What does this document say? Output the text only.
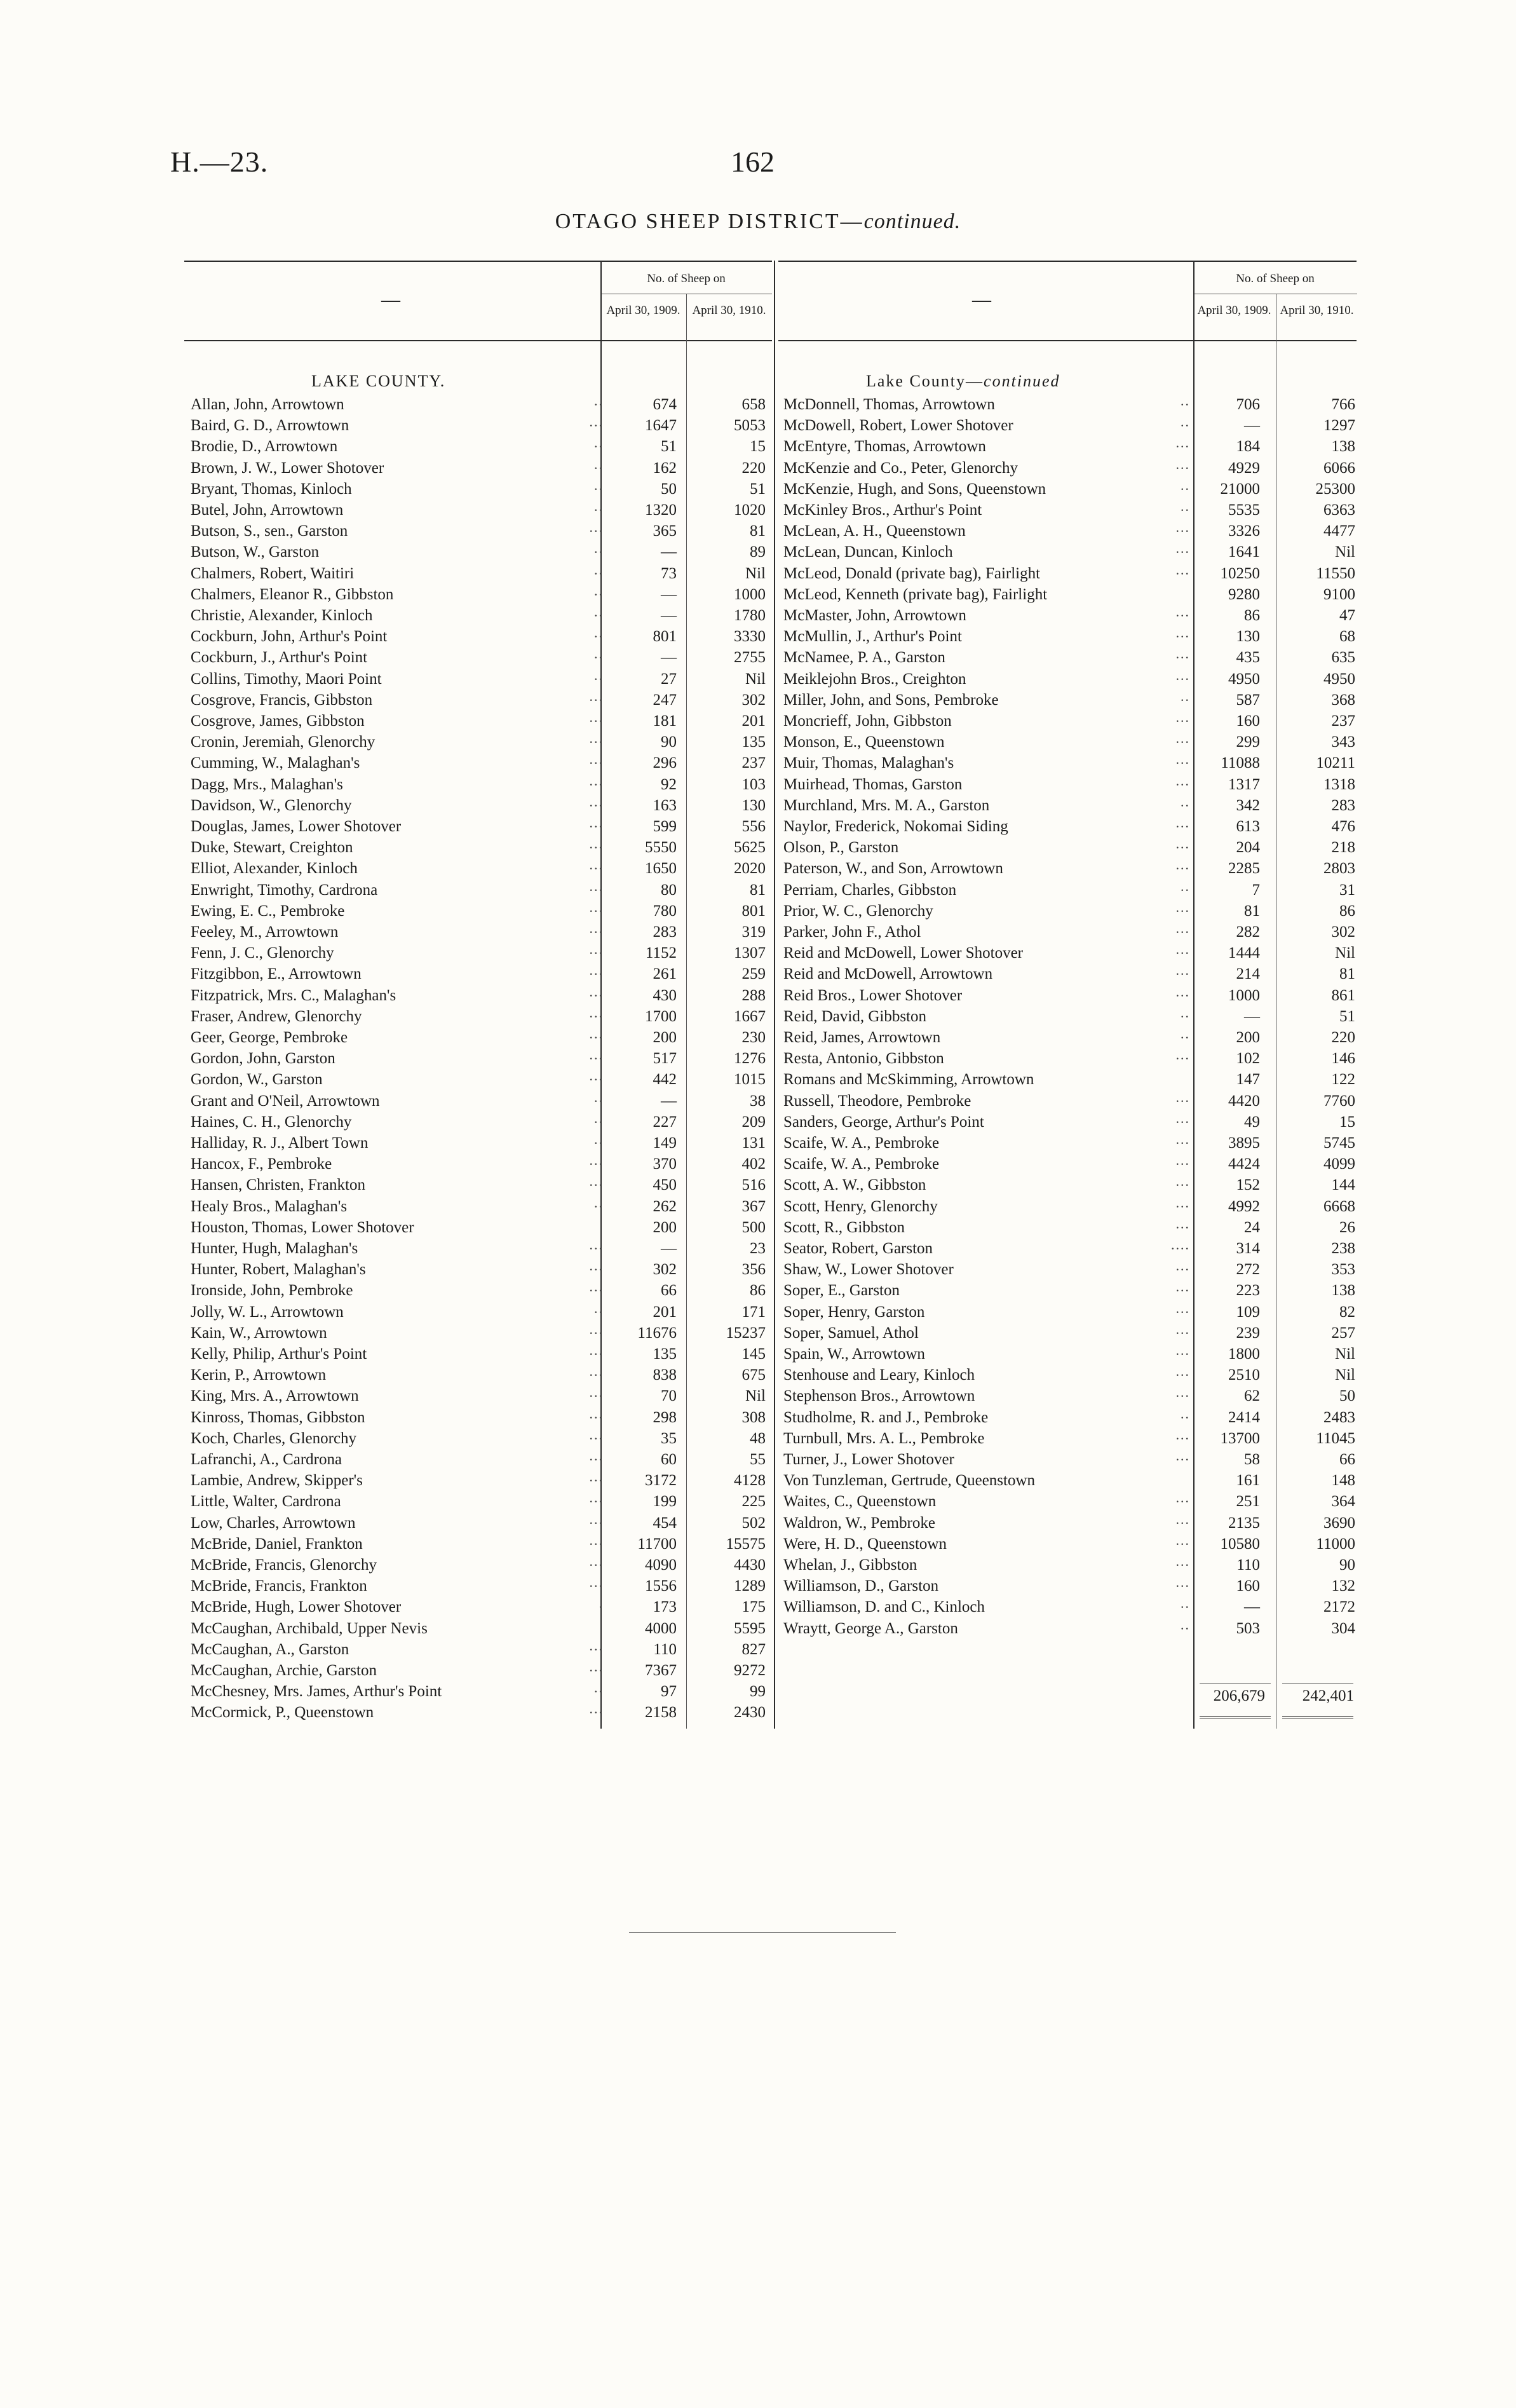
H.—23.	162
OTAGO SHEEP DISTRICT—continued.
—
No. of Sheep on
April 30, 1909. April 30, 1910.
—
No. of Sheep on
April 30, 1909. April 30, 1910.
LAKE COUNTY.
Allan, John, Arrowtown	..	674	658
Baird, G. D., Arrowtown	...	1647	5053
Brodie, D., Arrowtown	..	51	15
Brown, J. W., Lower Shotover	..	162	220
Bryant, Thomas, Kinloch	..	50	51
Butel, John, Arrowtown	..	1320	1020
Butson, S., sen., Garston	...	365	81
Butson, W., Garston	..	—	89
Chalmers, Robert, Waitiri	..	73	Nil
Chalmers, Eleanor R., Gibbston	..	—	1000
Christie, Alexander, Kinloch	..	—	1780
Cockburn, John, Arthur's Point	..	801	3330
Cockburn, J., Arthur's Point	..	—	2755
Collins, Timothy, Maori Point	..	27	Nil
Cosgrove, Francis, Gibbston	...	247	302
Cosgrove, James, Gibbston	...	181	201
Cronin, Jeremiah, Glenorchy	...	90	135
Cumming, W., Malaghan's	...	296	237
Dagg, Mrs., Malaghan's	...	92	103
Davidson, W., Glenorchy	...	163	130
Douglas, James, Lower Shotover	...	599	556
Duke, Stewart, Creighton	...	5550	5625
Elliot, Alexander, Kinloch	...	1650	2020
Enwright, Timothy, Cardrona	...	80	81
Ewing, E. C., Pembroke	...	780	801
Feeley, M., Arrowtown	...	283	319
Fenn, J. C., Glenorchy	...	1152	1307
Fitzgibbon, E., Arrowtown	...	261	259
Fitzpatrick, Mrs. C., Malaghan's	...	430	288
Fraser, Andrew, Glenorchy	...	1700	1667
Geer, George, Pembroke	...	200	230
Gordon, John, Garston	...	517	1276
Gordon, W., Garston	...	442	1015
Grant and O'Neil, Arrowtown	..	—	38
Haines, C. H., Glenorchy	..	227	209
Halliday, R. J., Albert Town	..	149	131
Hancox, F., Pembroke	...	370	402
Hansen, Christen, Frankton	...	450	516
Healy Bros., Malaghan's	..	262	367
Houston, Thomas, Lower Shotover	200	500
Hunter, Hugh, Malaghan's	...	—	23
Hunter, Robert, Malaghan's	...	302	356
Ironside, John, Pembroke	...	66	86
Jolly, W. L., Arrowtown	..	201	171
Kain, W., Arrowtown	...	11676	15237
Kelly, Philip, Arthur's Point	...	135	145
Kerin, P., Arrowtown	...	838	675
King, Mrs. A., Arrowtown	...	70	Nil
Kinross, Thomas, Gibbston	...	298	308
Koch, Charles, Glenorchy	...	35	48
Lafranchi, A., Cardrona	...	60	55
Lambie, Andrew, Skipper's	...	3172	4128
Little, Walter, Cardrona	...	199	225
Low, Charles, Arrowtown	...	454	502
McBride, Daniel, Frankton	...	11700	15575
McBride, Francis, Glenorchy	...	4090	4430
McBride, Francis, Frankton	...	1556	1289
McBride, Hugh, Lower Shotover	.	173	175
McCaughan, Archibald, Upper Nevis	4000	5595
McCaughan, A., Garston	...	110	827
McCaughan, Archie, Garston	...	7367	9272
McChesney, Mrs. James, Arthur's Point	..	97	99
McCormick, P., Queenstown	...	2158	2430
Lake County—continued
McDonnell, Thomas, Arrowtown	..	706	766
McDowell, Robert, Lower Shotover	..	—	1297
McEntyre, Thomas, Arrowtown	...	184	138
McKenzie and Co., Peter, Glenorchy	...	4929	6066
McKenzie, Hugh, and Sons, Queenstown	..	21000	25300
McKinley Bros., Arthur's Point	..	5535	6363
McLean, A. H., Queenstown	...	3326	4477
McLean, Duncan, Kinloch	...	1641	Nil
McLeod, Donald (private bag), Fairlight	...	10250	11550
McLeod, Kenneth (private bag), Fairlight	9280	9100
McMaster, John, Arrowtown	...	86	47
McMullin, J., Arthur's Point	...	130	68
McNamee, P. A., Garston	...	435	635
Meiklejohn Bros., Creighton	...	4950	4950
Miller, John, and Sons, Pembroke	..	587	368
Moncrieff, John, Gibbston	...	160	237
Monson, E., Queenstown	...	299	343
Muir, Thomas, Malaghan's	...	11088	10211
Muirhead, Thomas, Garston	...	1317	1318
Murchland, Mrs. M. A., Garston	..	342	283
Naylor, Frederick, Nokomai Siding	...	613	476
Olson, P., Garston	...	204	218
Paterson, W., and Son, Arrowtown	...	2285	2803
Perriam, Charles, Gibbston	..	7	31
Prior, W. C., Glenorchy	...	81	86
Parker, John F., Athol	...	282	302
Reid and McDowell, Lower Shotover	...	1444	Nil
Reid and McDowell, Arrowtown	...	214	81
Reid Bros., Lower Shotover	...	1000	861
Reid, David, Gibbston	..	—	51
Reid, James, Arrowtown	..	200	220
Resta, Antonio, Gibbston	...	102	146
Romans and McSkimming, Arrowtown	147	122
Russell, Theodore, Pembroke	...	4420	7760
Sanders, George, Arthur's Point	...	49	15
Scaife, W. A., Pembroke	...	3895	5745
Scaife, W. A., Pembroke	...	4424	4099
Scott, A. W., Gibbston	...	152	144
Scott, Henry, Glenorchy	...	4992	6668
Scott, R., Gibbston	...	24	26
Seator, Robert, Garston	....	314	238
Shaw, W., Lower Shotover	...	272	353
Soper, E., Garston	...	223	138
Soper, Henry, Garston	...	109	82
Soper, Samuel, Athol	...	239	257
Spain, W., Arrowtown	...	1800	Nil
Stenhouse and Leary, Kinloch	...	2510	Nil
Stephenson Bros., Arrowtown	...	62	50
Studholme, R. and J., Pembroke	..	2414	2483
Turnbull, Mrs. A. L., Pembroke	...	13700	11045
Turner, J., Lower Shotover	...	58	66
Von Tunzleman, Gertrude, Queenstown	161	148
Waites, C., Queenstown	...	251	364
Waldron, W., Pembroke	...	2135	3690
Were, H. D., Queenstown	...	10580	11000
Whelan, J., Gibbston	...	110	90
Williamson, D., Garston	...	160	132
Williamson, D. and C., Kinloch	..	—	2172
Wraytt, George A., Garston	..	503	304
206,679	242,401
